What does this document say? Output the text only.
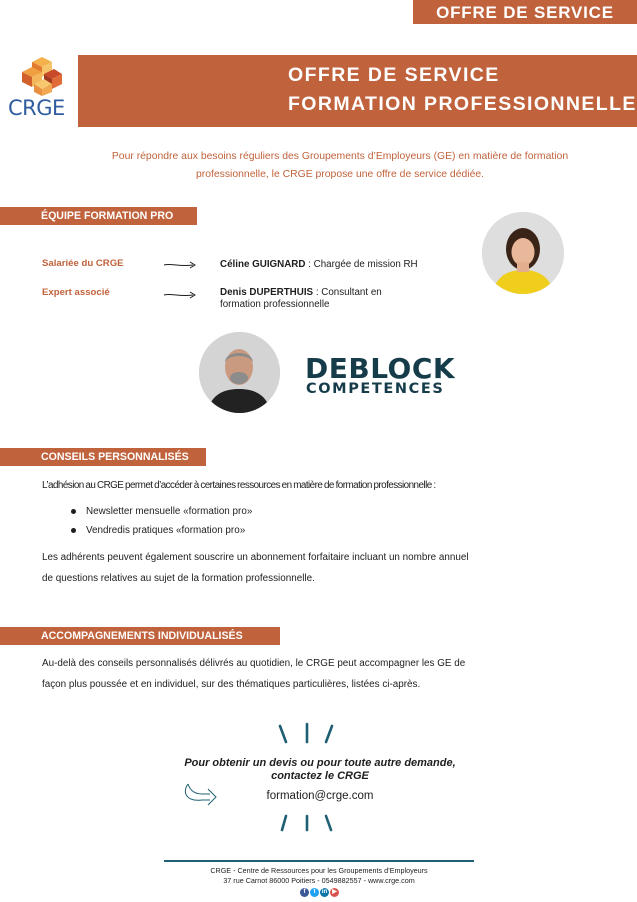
OFFRE DE SERVICE
CRGE
OFFRE DE SERVICE
FORMATION PROFESSIONNELLE
Pour répondre aux besoins réguliers des Groupements d’Employeurs (GE) en matière de formation
professionnelle, le CRGE propose une offre de service dédiée.
ÉQUIPE FORMATION PRO
Salariée du CRGE	Céline GUIGNARD : Chargée de mission RH
Expert associé	Denis DUPERTHUIS : Consultant en
formation professionnelle
DEBLOCK
COMPETENCES
CONSEILS PERSONNALISÉS
L’adhésion au CRGE permet d’accéder à certaines ressources en matière de formation professionnelle :
Newsletter mensuelle «formation pro»
Vendredis pratiques «formation pro»
Les adhérents peuvent également souscrire un abonnement forfaitaire incluant un nombre annuel
de questions relatives au sujet de la formation professionnelle.
ACCOMPAGNEMENTS INDIVIDUALISÉS
Au-delà des conseils personnalisés délivrés au quotidien, le CRGE peut accompagner les GE de
façon plus poussée et en individuel, sur des thématiques particulières, listées ci-après.
Pour obtenir un devis ou pour toute autre demande,
contactez le CRGE
formation@crge.com
CRGE - Centre de Ressources pour les Groupements d’Employeurs
37 rue Carnot 86000 Poitiers - 0549882557 - www.crge.com
f	t	in ▶
